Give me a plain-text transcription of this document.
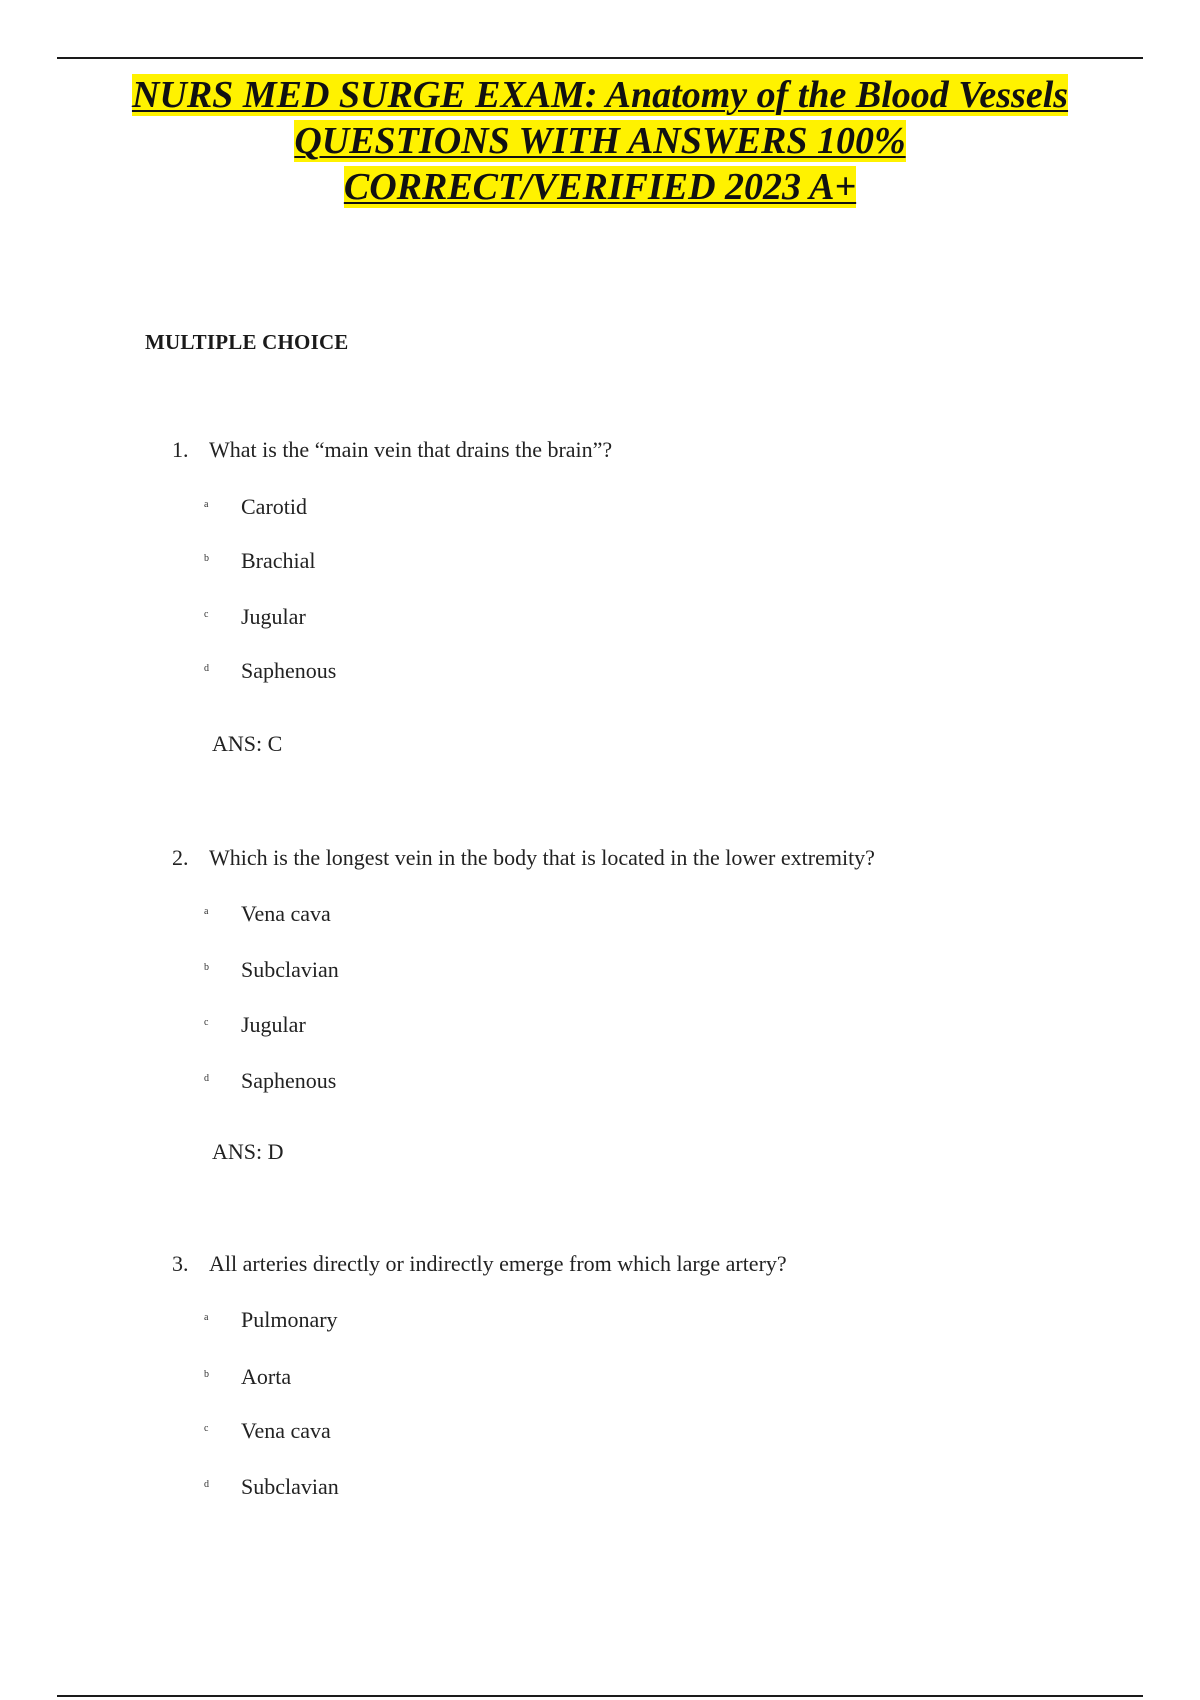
NURS MED SURGE EXAM: Anatomy of the Blood Vessels
QUESTIONS WITH ANSWERS 100%
CORRECT/VERIFIED 2023 A+
MULTIPLE CHOICE
1. What is the “main vein that drains the brain”?
a Carotid
b Brachial
c Jugular
d Saphenous
ANS: C
2. Which is the longest vein in the body that is located in the lower extremity?
a Vena cava
b Subclavian
c Jugular
d Saphenous
ANS: D
3. All arteries directly or indirectly emerge from which large artery?
a Pulmonary
b Aorta
c Vena cava
d Subclavian
